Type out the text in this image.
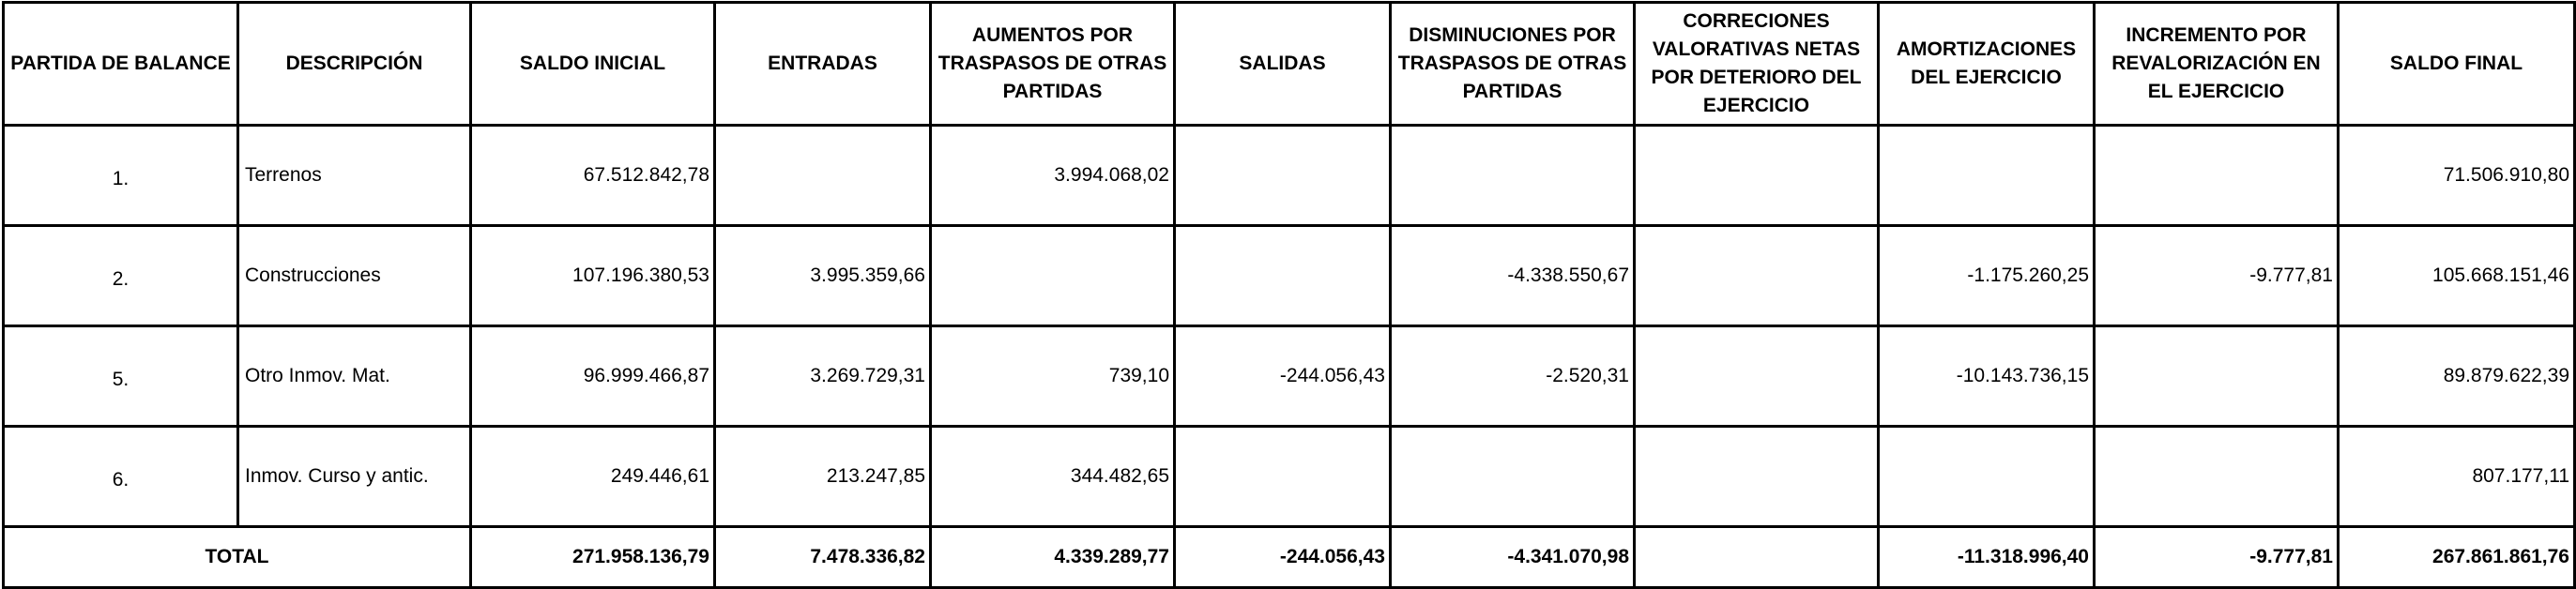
PARTIDA DE BALANCE	DESCRIPCIÓN	SALDO INICIAL	ENTRADAS	AUMENTOS POR TRASPASOS DE OTRAS PARTIDAS	SALIDAS	DISMINUCIONES POR TRASPASOS DE OTRAS PARTIDAS	CORRECIONES VALORATIVAS NETAS POR DETERIORO DEL EJERCICIO	AMORTIZACIONES DEL EJERCICIO	INCREMENTO POR REVALORIZACIÓN EN EL EJERCICIO	SALDO FINAL
1.	Terrenos	67.512.842,78		3.994.068,02						71.506.910,80
2.	Construcciones	107.196.380,53	3.995.359,66			-4.338.550,67		-1.175.260,25	-9.777,81	105.668.151,46
5.	Otro Inmov. Mat.	96.999.466,87	3.269.729,31	739,10	-244.056,43	-2.520,31		-10.143.736,15		89.879.622,39
6.	Inmov. Curso y antic.	249.446,61	213.247,85	344.482,65						807.177,11
TOTAL		271.958.136,79	7.478.336,82	4.339.289,77	-244.056,43	-4.341.070,98		-11.318.996,40	-9.777,81	267.861.861,76
